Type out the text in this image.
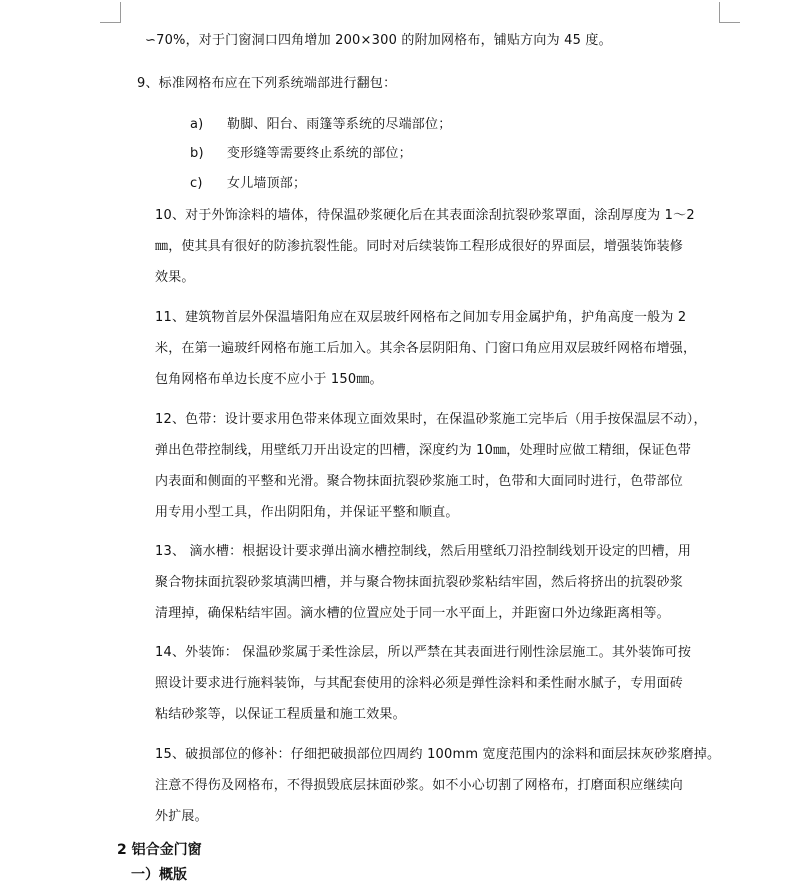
∽70%，对于门窗洞口四角增加 200×300 的附加网格布，铺贴方向为 45 度。
9、标准网格布应在下列系统端部进行翻包：
a) 勒脚、阳台、雨篷等系统的尽端部位；
b) 变形缝等需要终止系统的部位；
c) 女儿墙顶部；
10、对于外饰涂料的墙体，待保温砂浆硬化后在其表面涂刮抗裂砂浆罩面，涂刮厚度为 1～2
㎜，使其具有很好的防渗抗裂性能。同时对后续装饰工程形成很好的界面层，增强装饰装修
效果。
11、建筑物首层外保温墙阳角应在双层玻纤网格布之间加专用金属护角，护角高度一般为 2
米，在第一遍玻纤网格布施工后加入。其余各层阴阳角、门窗口角应用双层玻纤网格布增强，
包角网格布单边长度不应小于 150㎜。
12、色带：设计要求用色带来体现立面效果时，在保温砂浆施工完毕后（用手按保温层不动），
弹出色带控制线，用壁纸刀开出设定的凹槽，深度约为 10㎜，处理时应做工精细，保证色带
内表面和侧面的平整和光滑。聚合物抹面抗裂砂浆施工时，色带和大面同时进行，色带部位
用专用小型工具，作出阴阳角，并保证平整和顺直。
13、 滴水槽：根据设计要求弹出滴水槽控制线，然后用壁纸刀沿控制线划开设定的凹槽，用
聚合物抹面抗裂砂浆填满凹槽，并与聚合物抹面抗裂砂浆粘结牢固，然后将挤出的抗裂砂浆
清理掉，确保粘结牢固。滴水槽的位置应处于同一水平面上，并距窗口外边缘距离相等。
14、外装饰： 保温砂浆属于柔性涂层，所以严禁在其表面进行刚性涂层施工。其外装饰可按
照设计要求进行施料装饰，与其配套使用的涂料必须是弹性涂料和柔性耐水腻子，专用面砖
粘结砂浆等，以保证工程质量和施工效果。
15、破损部位的修补：仔细把破损部位四周约 100mm 宽度范围内的涂料和面层抹灰砂浆磨掉。
注意不得伤及网格布，不得损毁底层抹面砂浆。如不小心切割了网格布，打磨面积应继续向
外扩展。
2 铝合金门窗
一）概版
